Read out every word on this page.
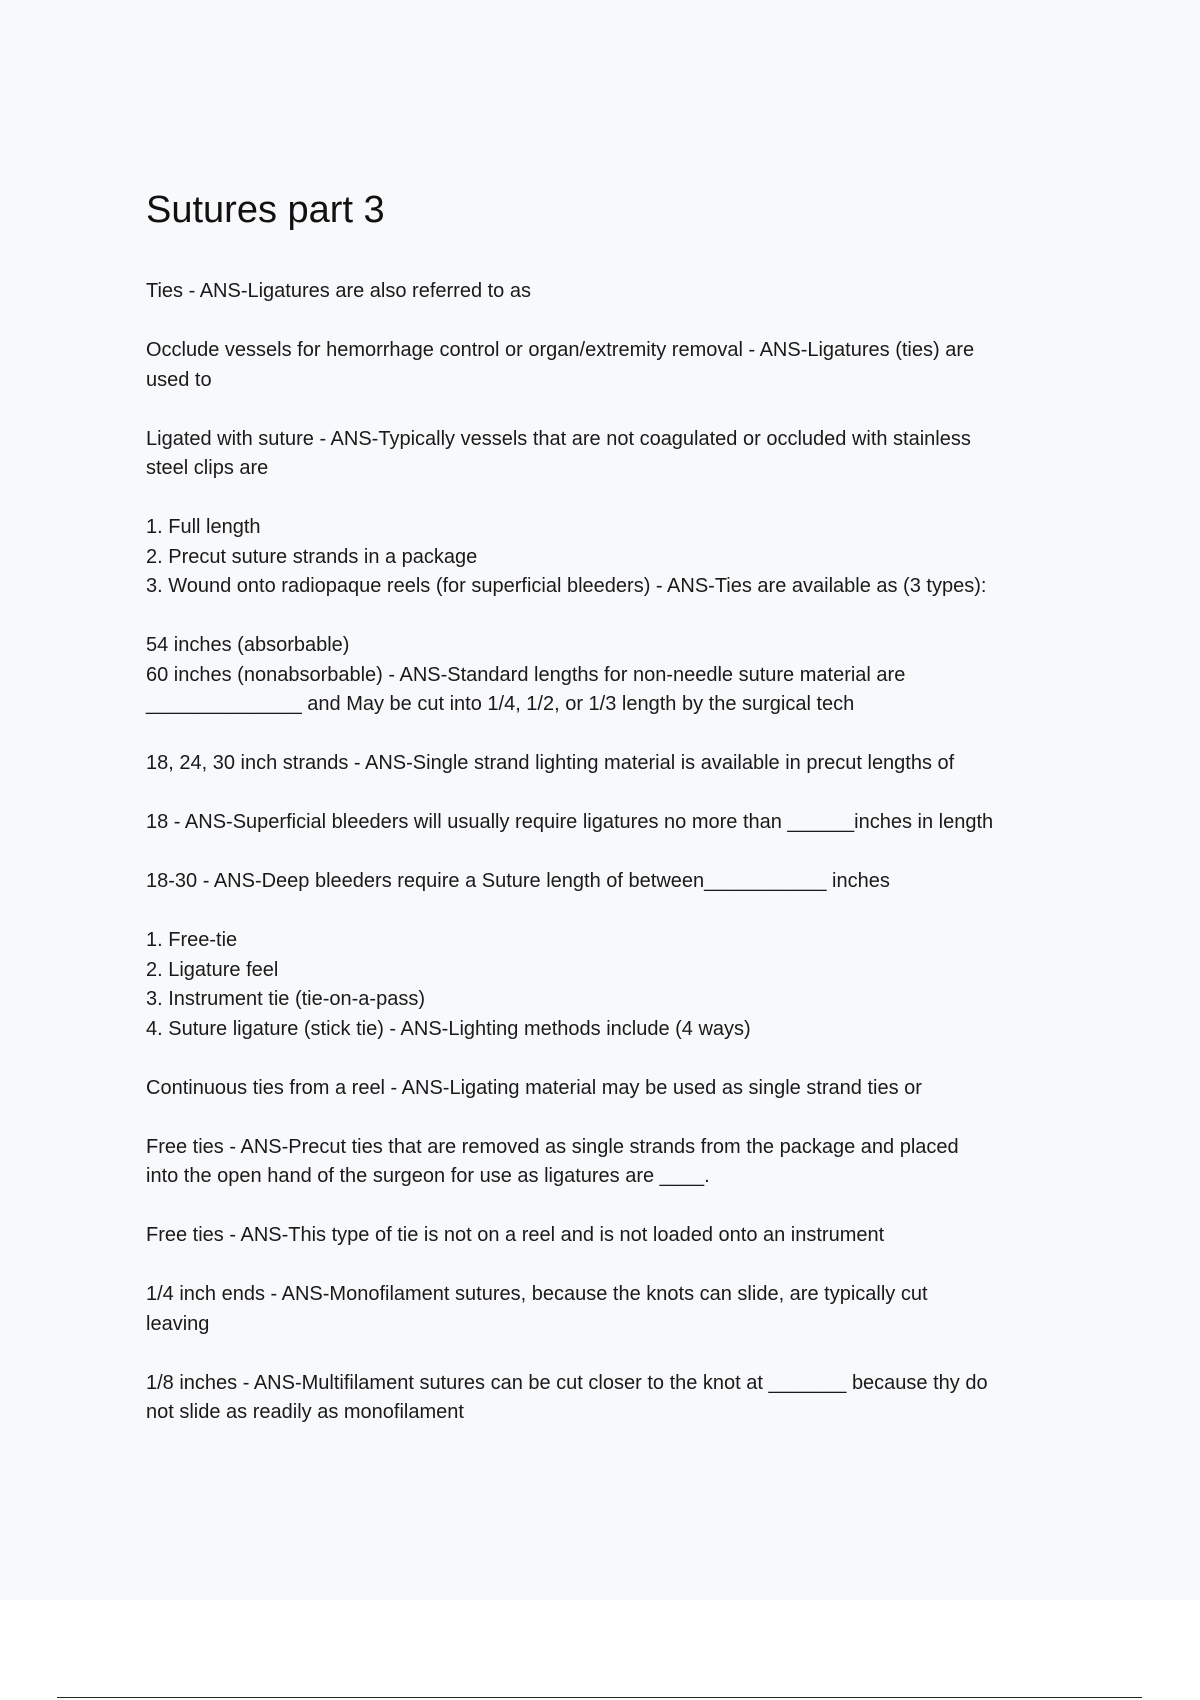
Sutures part 3
Ties - ANS-Ligatures are also referred to as
Occlude vessels for hemorrhage control or organ/extremity removal - ANS-Ligatures (ties) are
used to
Ligated with suture - ANS-Typically vessels that are not coagulated or occluded with stainless
steel clips are
1. Full length
2. Precut suture strands in a package
3. Wound onto radiopaque reels (for superficial bleeders) - ANS-Ties are available as (3 types):
54 inches (absorbable)
60 inches (nonabsorbable) - ANS-Standard lengths for non-needle suture material are
______________ and May be cut into 1/4, 1/2, or 1/3 length by the surgical tech
18, 24, 30 inch strands - ANS-Single strand lighting material is available in precut lengths of
18 - ANS-Superficial bleeders will usually require ligatures no more than ______inches in length
18-30 - ANS-Deep bleeders require a Suture length of between___________ inches
1. Free-tie
2. Ligature feel
3. Instrument tie (tie-on-a-pass)
4. Suture ligature (stick tie) - ANS-Lighting methods include (4 ways)
Continuous ties from a reel - ANS-Ligating material may be used as single strand ties or
Free ties - ANS-Precut ties that are removed as single strands from the package and placed
into the open hand of the surgeon for use as ligatures are ____.
Free ties - ANS-This type of tie is not on a reel and is not loaded onto an instrument
1/4 inch ends - ANS-Monofilament sutures, because the knots can slide, are typically cut
leaving
1/8 inches - ANS-Multifilament sutures can be cut closer to the knot at _______ because thy do
not slide as readily as monofilament
